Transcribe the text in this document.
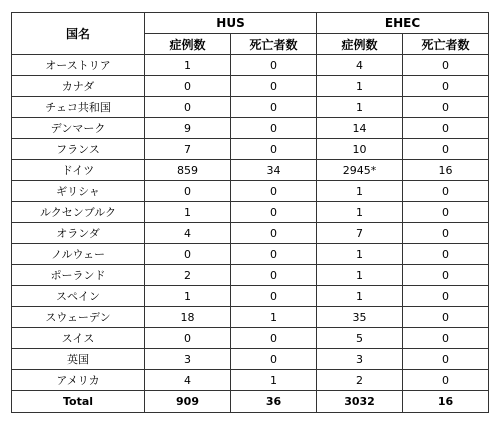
国名	HUS		EHEC	
	症例数	死亡者数	症例数	死亡者数
オーストリア	1	0	4	0
カナダ	0	0	1	0
チェコ共和国	0	0	1	0
デンマーク	9	0	14	0
フランス	7	0	10	0
ドイツ	859	34	2945*	16
ギリシャ	0	0	1	0
ルクセンブルク	1	0	1	0
オランダ	4	0	7	0
ノルウェー	0	0	1	0
ポーランド	2	0	1	0
スペイン	1	0	1	0
スウェーデン	18	1	35	0
スイス	0	0	5	0
英国	3	0	3	0
アメリカ	4	1	2	0
Total	909	36	3032	16
